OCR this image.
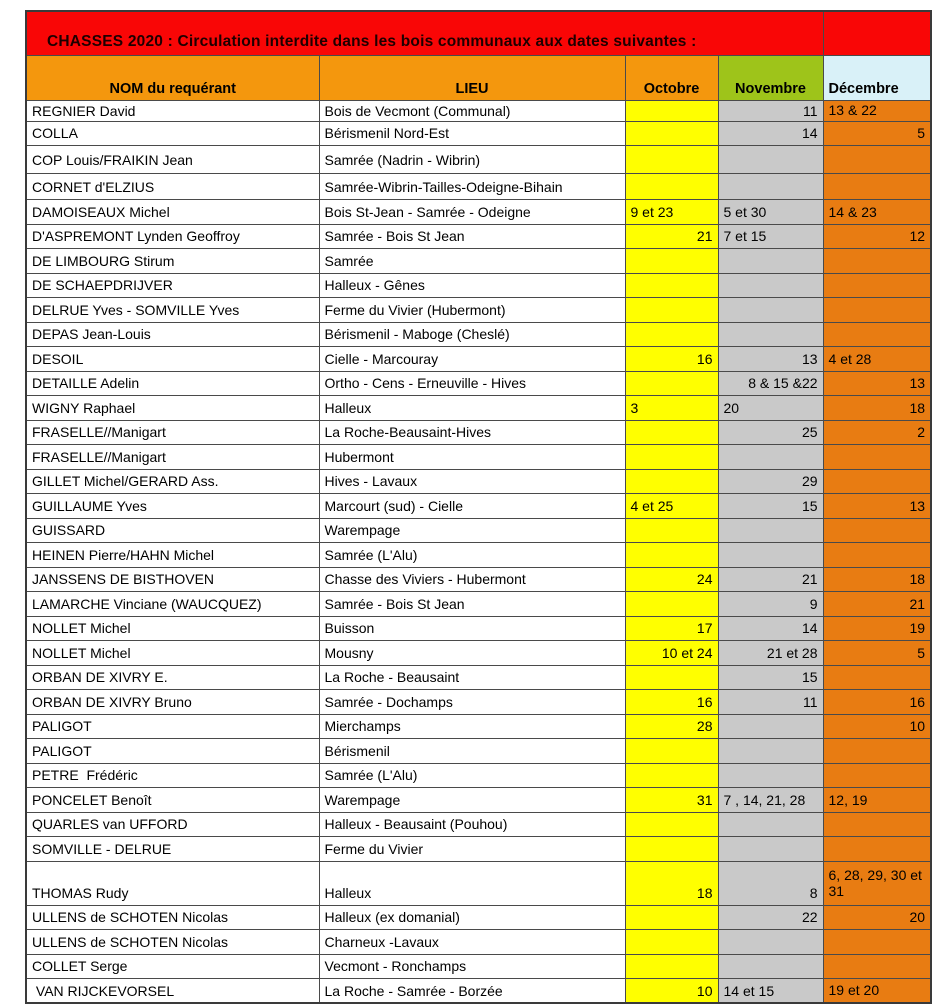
CHASSES 2020 : Circulation interdite dans les bois communaux aux dates suivantes :				
NOM du requérant	LIEU	Octobre	Novembre	Décembre
REGNIER David	Bois de Vecmont (Communal)		11	13 & 22
COLLA	Bérismenil Nord-Est		14	5
COP Louis/FRAIKIN Jean	Samrée (Nadrin - Wibrin)			
CORNET d'ELZIUS	Samrée-Wibrin-Tailles-Odeigne-Bihain			
DAMOISEAUX Michel	Bois St-Jean - Samrée - Odeigne	9 et 23	5 et 30	14 & 23
D'ASPREMONT Lynden Geoffroy	Samrée - Bois St Jean	21	7 et 15	12
DE LIMBOURG Stirum	Samrée			
DE SCHAEPDRIJVER	Halleux - Gênes			
DELRUE Yves - SOMVILLE Yves	Ferme du Vivier (Hubermont)			
DEPAS Jean-Louis	Bérismenil - Maboge (Cheslé)			
DESOIL	Cielle - Marcouray	16	13	4 et 28
DETAILLE Adelin	Ortho - Cens - Erneuville - Hives		8 & 15 &22	13
WIGNY Raphael	Halleux	3	20	18
FRASELLE//Manigart	La Roche-Beausaint-Hives		25	2
FRASELLE//Manigart	Hubermont			
GILLET Michel/GERARD Ass.	Hives - Lavaux		29	
GUILLAUME Yves	Marcourt (sud) - Cielle	4 et 25	15	13
GUISSARD	Warempage			
HEINEN Pierre/HAHN Michel	Samrée (L'Alu)			
JANSSENS DE BISTHOVEN	Chasse des Viviers - Hubermont	24	21	18
LAMARCHE Vinciane (WAUCQUEZ)	Samrée - Bois St Jean		9	21
NOLLET Michel	Buisson	17	14	19
NOLLET Michel	Mousny	10 et 24	21 et 28	5
ORBAN DE XIVRY E.	La Roche - Beausaint		15	
ORBAN DE XIVRY Bruno	Samrée - Dochamps	16	11	16
PALIGOT	Mierchamps	28		10
PALIGOT	Bérismenil			
PETRE  Frédéric	Samrée (L'Alu)			
PONCELET Benoît	Warempage	31	7 , 14, 21, 28	12, 19
QUARLES van UFFORD	Halleux - Beausaint (Pouhou)			
SOMVILLE - DELRUE	Ferme du Vivier			
THOMAS Rudy	Halleux	18	8	6, 28, 29, 30 et 31
ULLENS de SCHOTEN Nicolas	Halleux (ex domanial)		22	20
ULLENS de SCHOTEN Nicolas	Charneux -Lavaux			
COLLET Serge	Vecmont - Ronchamps			
VAN RIJCKEVORSEL	La Roche - Samrée - Borzée	10	14 et 15	19 et 20
